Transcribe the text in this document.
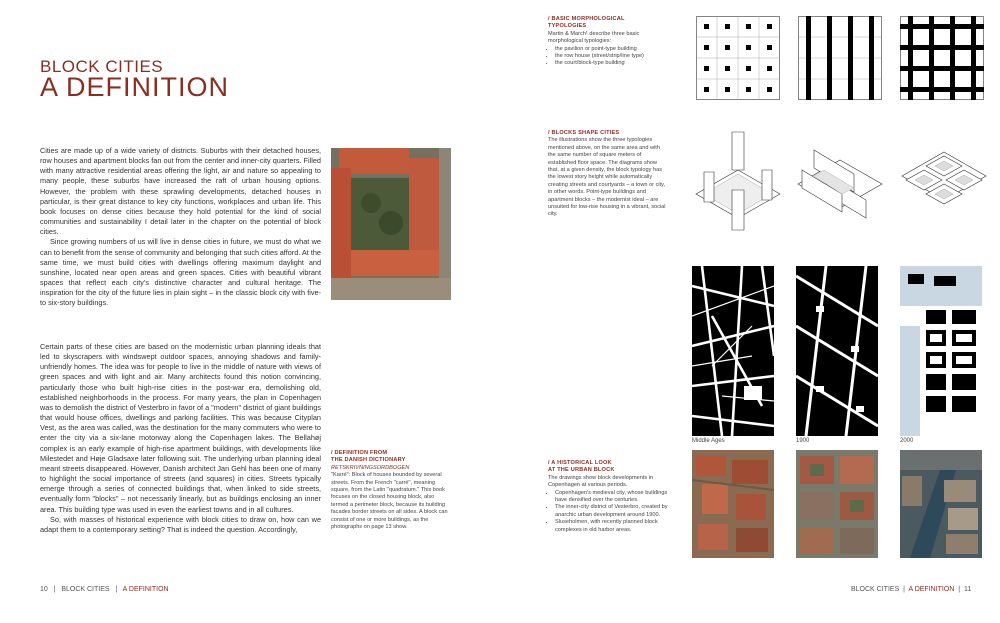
BLOCK CITIES
A DEFINITION

Cities are made up of a wide variety of districts. Suburbs with their detached houses, row houses and apartment blocks fan out from the center and inner-city quarters. Filled with many attractive residential areas offering the light, air and nature so appealing to many people, these suburbs have increased the raft of urban housing options. However, the problem with these sprawling developments, detached houses in particular, is their great distance to key city functions, workplaces and urban life. This book focuses on dense cities because they hold potential for the kind of social communities and sustainability I detail later in the chapter on the potential of block cities.

Since growing numbers of us will live in dense cities in future, we must do what we can to benefit from the sense of community and belonging that such cities afford. At the same time, we must build cities with dwellings offering maximum daylight and sunshine, located near open areas and green spaces. Cities with beautiful vibrant spaces that reflect each city's distinctive character and cultural heritage. The inspiration for the city of the future lies in plain sight – in the classic block city with five- to six-story buildings.

Certain parts of these cities are based on the modernistic urban planning ideals that led to skyscrapers with windswept outdoor spaces, annoying shadows and family-unfriendly homes. The idea was for people to live in the middle of nature with views of green spaces and with light and air. Many architects found this notion convincing, particularly those who built high-rise cities in the post-war era, demolishing old, established neighborhoods in the process. For many years, the plan in Copenhagen was to demolish the district of Vesterbro in favor of a "modern" district of giant buildings that would house offices, dwellings and parking facilities. This was because Cityplan Vest, as the area was called, was the destination for the many commuters who were to enter the city via a six-lane motorway along the Copenhagen lakes. The Bellahøj complex is an early example of high-rise apartment buildings, with developments like Milestedet and Høje Gladsaxe later following suit. The underlying urban planning ideal meant streets disappeared. However, Danish architect Jan Gehl has been one of many to highlight the social importance of streets (and squares) in cities. Streets typically emerge through a series of connected buildings that, when linked to side streets, eventually form "blocks" – not necessarily linearly, but as buildings enclosing an inner area. This building type was used in even the earliest towns and in all cultures.

So, with masses of historical experience with block cities to draw on, how can we adapt them to a contemporary setting? That is indeed the question. Accordingly,

/ DEFINITION FROM
THE DANISH DICTIONARY
RETSKRIVNINGSORDBOGEN
"Karré": Block of houses bounded by several streets. From the French "carré", meaning square, from the Latin "quadratum." This book focuses on the closed housing block, also termed a perimeter block, because its building facades border streets on all sides. A block can consist of one or more buildings, as the photographs on page 13 show.
10 | BLOCK CITIES | A DEFINITION
/ BASIC MORPHOLOGICAL
TYPOLOGIES
Martin & March¹ describe three basic morphological typologies:
• the pavilion or point-type building
• the row house (street/strip/line type)
• the court/block-type building
/ BLOCKS SHAPE CITIES
The illustrations show the three typologies mentioned above, on the same area and with the same number of square meters of established floor space. The diagrams show that, at a given density, the block typology has the lowest story height while automatically creating streets and courtyards – a town or city, in other words. Point-type buildings and apartment blocks – the modernist ideal – are unsuited for low-rise housing in a vibrant, social city.
/ A HISTORICAL LOOK
AT THE URBAN BLOCK
The drawings show block developments in Copenhagen at various periods.
• Copenhagen's medieval city, whose buildings have densified over the centuries.
• The inner-city district of Vesterbro, created by anarchic urban development around 1900.
• Sluseholmen, with recently planned block complexes in old harbor areas.
Middle Ages	1900	2000
BLOCK CITIES | A DEFINITION | 11
